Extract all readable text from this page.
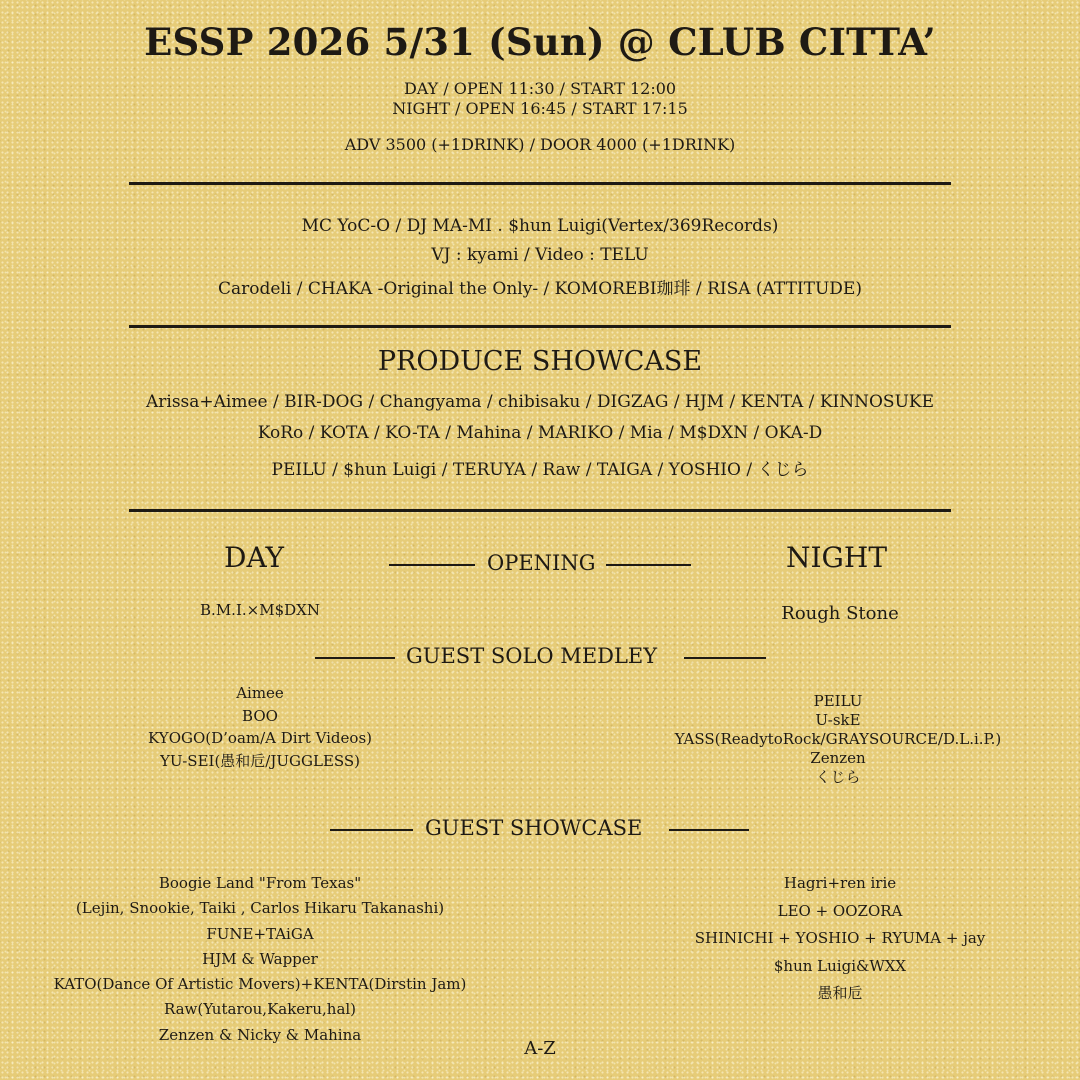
ESSP 2026 5/31 (Sun) @ CLUB CITTA’
DAY / OPEN 11:30 / START 12:00
NIGHT / OPEN 16:45 / START 17:15
ADV 3500 (+1DRINK) / DOOR 4000 (+1DRINK)
MC YoC-O / DJ MA-MI . $hun Luigi(Vertex/369Records)
VJ : kyami / Video : TELU
Carodeli / CHAKA -Original the Only- / KOMOREBI珈琲 / RISA (ATTITUDE)
PRODUCE SHOWCASE
Arissa+Aimee / BIR-DOG / Changyama / chibisaku / DIGZAG / HJM / KENTA / KINNOSUKE
KoRo / KOTA / KO-TA / Mahina / MARIKO / Mia / M$DXN / OKA-D
PEILU / $hun Luigi / TERUYA / Raw / TAIGA / YOSHIO / くじら
DAY	NIGHT
OPENING
B.M.I.×M$DXN	Rough Stone
GUEST SOLO MEDLEY
Aimee
BOO
KYOGO(D’oam/A Dirt Videos)
YU-SEI(愚和卮/JUGGLESS)
PEILU
U-skE
YASS(ReadytoRock/GRAYSOURCE/D.L.i.P.)
Zenzen
くじら
GUEST SHOWCASE
Boogie Land "From Texas"
(Lejin, Snookie, Taiki , Carlos Hikaru Takanashi)
FUNE+TAiGA
HJM & Wapper
KATO(Dance Of Artistic Movers)+KENTA(Dirstin Jam)
Raw(Yutarou,Kakeru,hal)
Zenzen & Nicky & Mahina
Hagri+ren irie
LEO + OOZORA
SHINICHI + YOSHIO + RYUMA + jay
$hun Luigi&WXX
愚和卮
A-Z
